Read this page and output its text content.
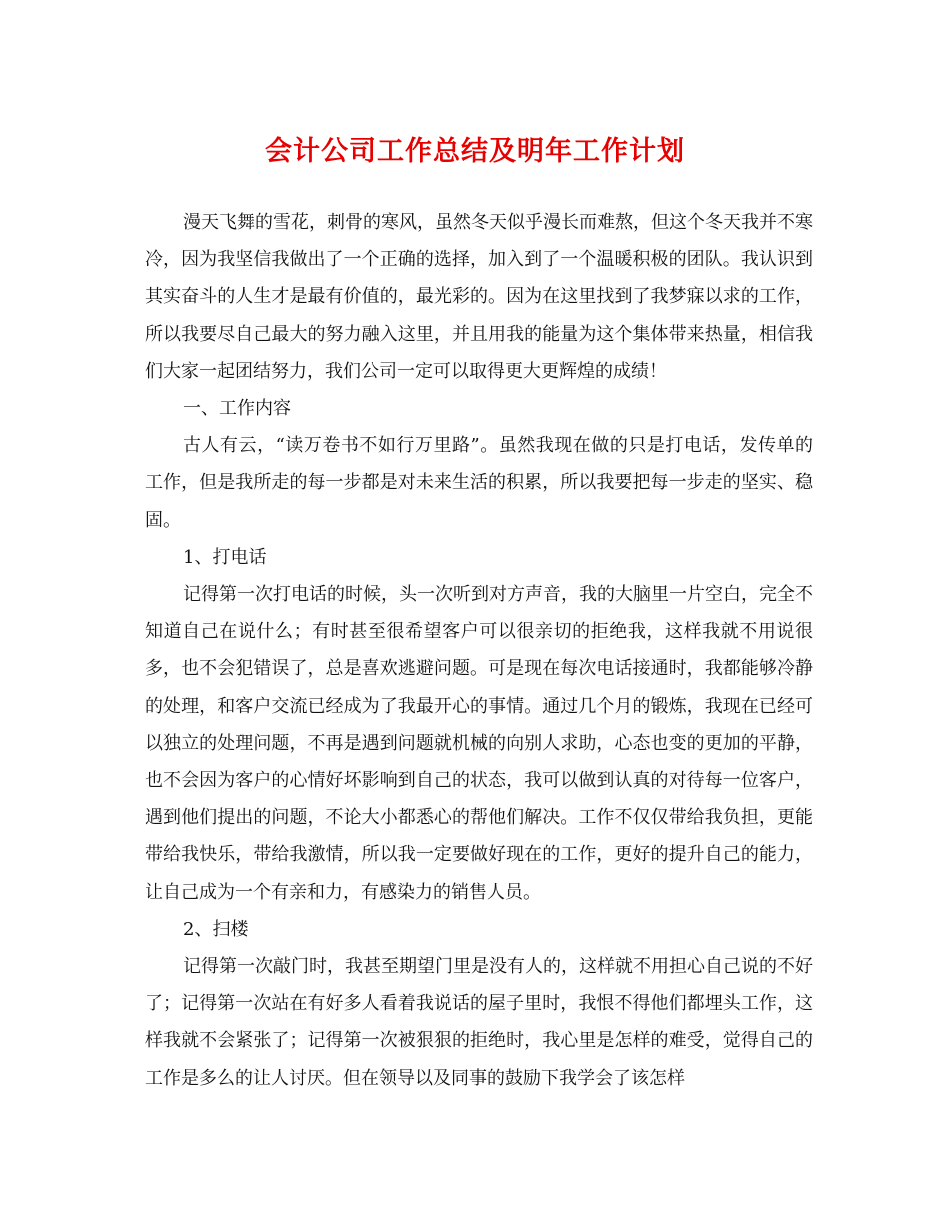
会计公司工作总结及明年工作计划

漫天飞舞的雪花，刺骨的寒风，虽然冬天似乎漫长而难熬，但这个冬天我并不寒冷，因为我坚信我做出了一个正确的选择，加入到了一个温暖积极的团队。我认识到其实奋斗的人生才是最有价值的，最光彩的。因为在这里找到了我梦寐以求的工作，所以我要尽自己最大的努力融入这里，并且用我的能量为这个集体带来热量，相信我们大家一起团结努力，我们公司一定可以取得更大更辉煌的成绩！

一、工作内容

古人有云，“读万卷书不如行万里路”。虽然我现在做的只是打电话，发传单的工作，但是我所走的每一步都是对未来生活的积累，所以我要把每一步走的坚实、稳固。

1、打电话

记得第一次打电话的时候，头一次听到对方声音，我的大脑里一片空白，完全不知道自己在说什么；有时甚至很希望客户可以很亲切的拒绝我，这样我就不用说很多，也不会犯错误了，总是喜欢逃避问题。可是现在每次电话接通时，我都能够冷静的处理，和客户交流已经成为了我最开心的事情。通过几个月的锻炼，我现在已经可以独立的处理问题，不再是遇到问题就机械的向别人求助，心态也变的更加的平静，也不会因为客户的心情好坏影响到自己的状态，我可以做到认真的对待每一位客户，遇到他们提出的问题，不论大小都悉心的帮他们解决。工作不仅仅带给我负担，更能带给我快乐，带给我激情，所以我一定要做好现在的工作，更好的提升自己的能力，让自己成为一个有亲和力，有感染力的销售人员。

2、扫楼

记得第一次敲门时，我甚至期望门里是没有人的，这样就不用担心自己说的不好了；记得第一次站在有好多人看着我说话的屋子里时，我恨不得他们都埋头工作，这样我就不会紧张了；记得第一次被狠狠的拒绝时，我心里是怎样的难受，觉得自己的工作是多么的让人讨厌。但在领导以及同事的鼓励下我学会了该怎样
